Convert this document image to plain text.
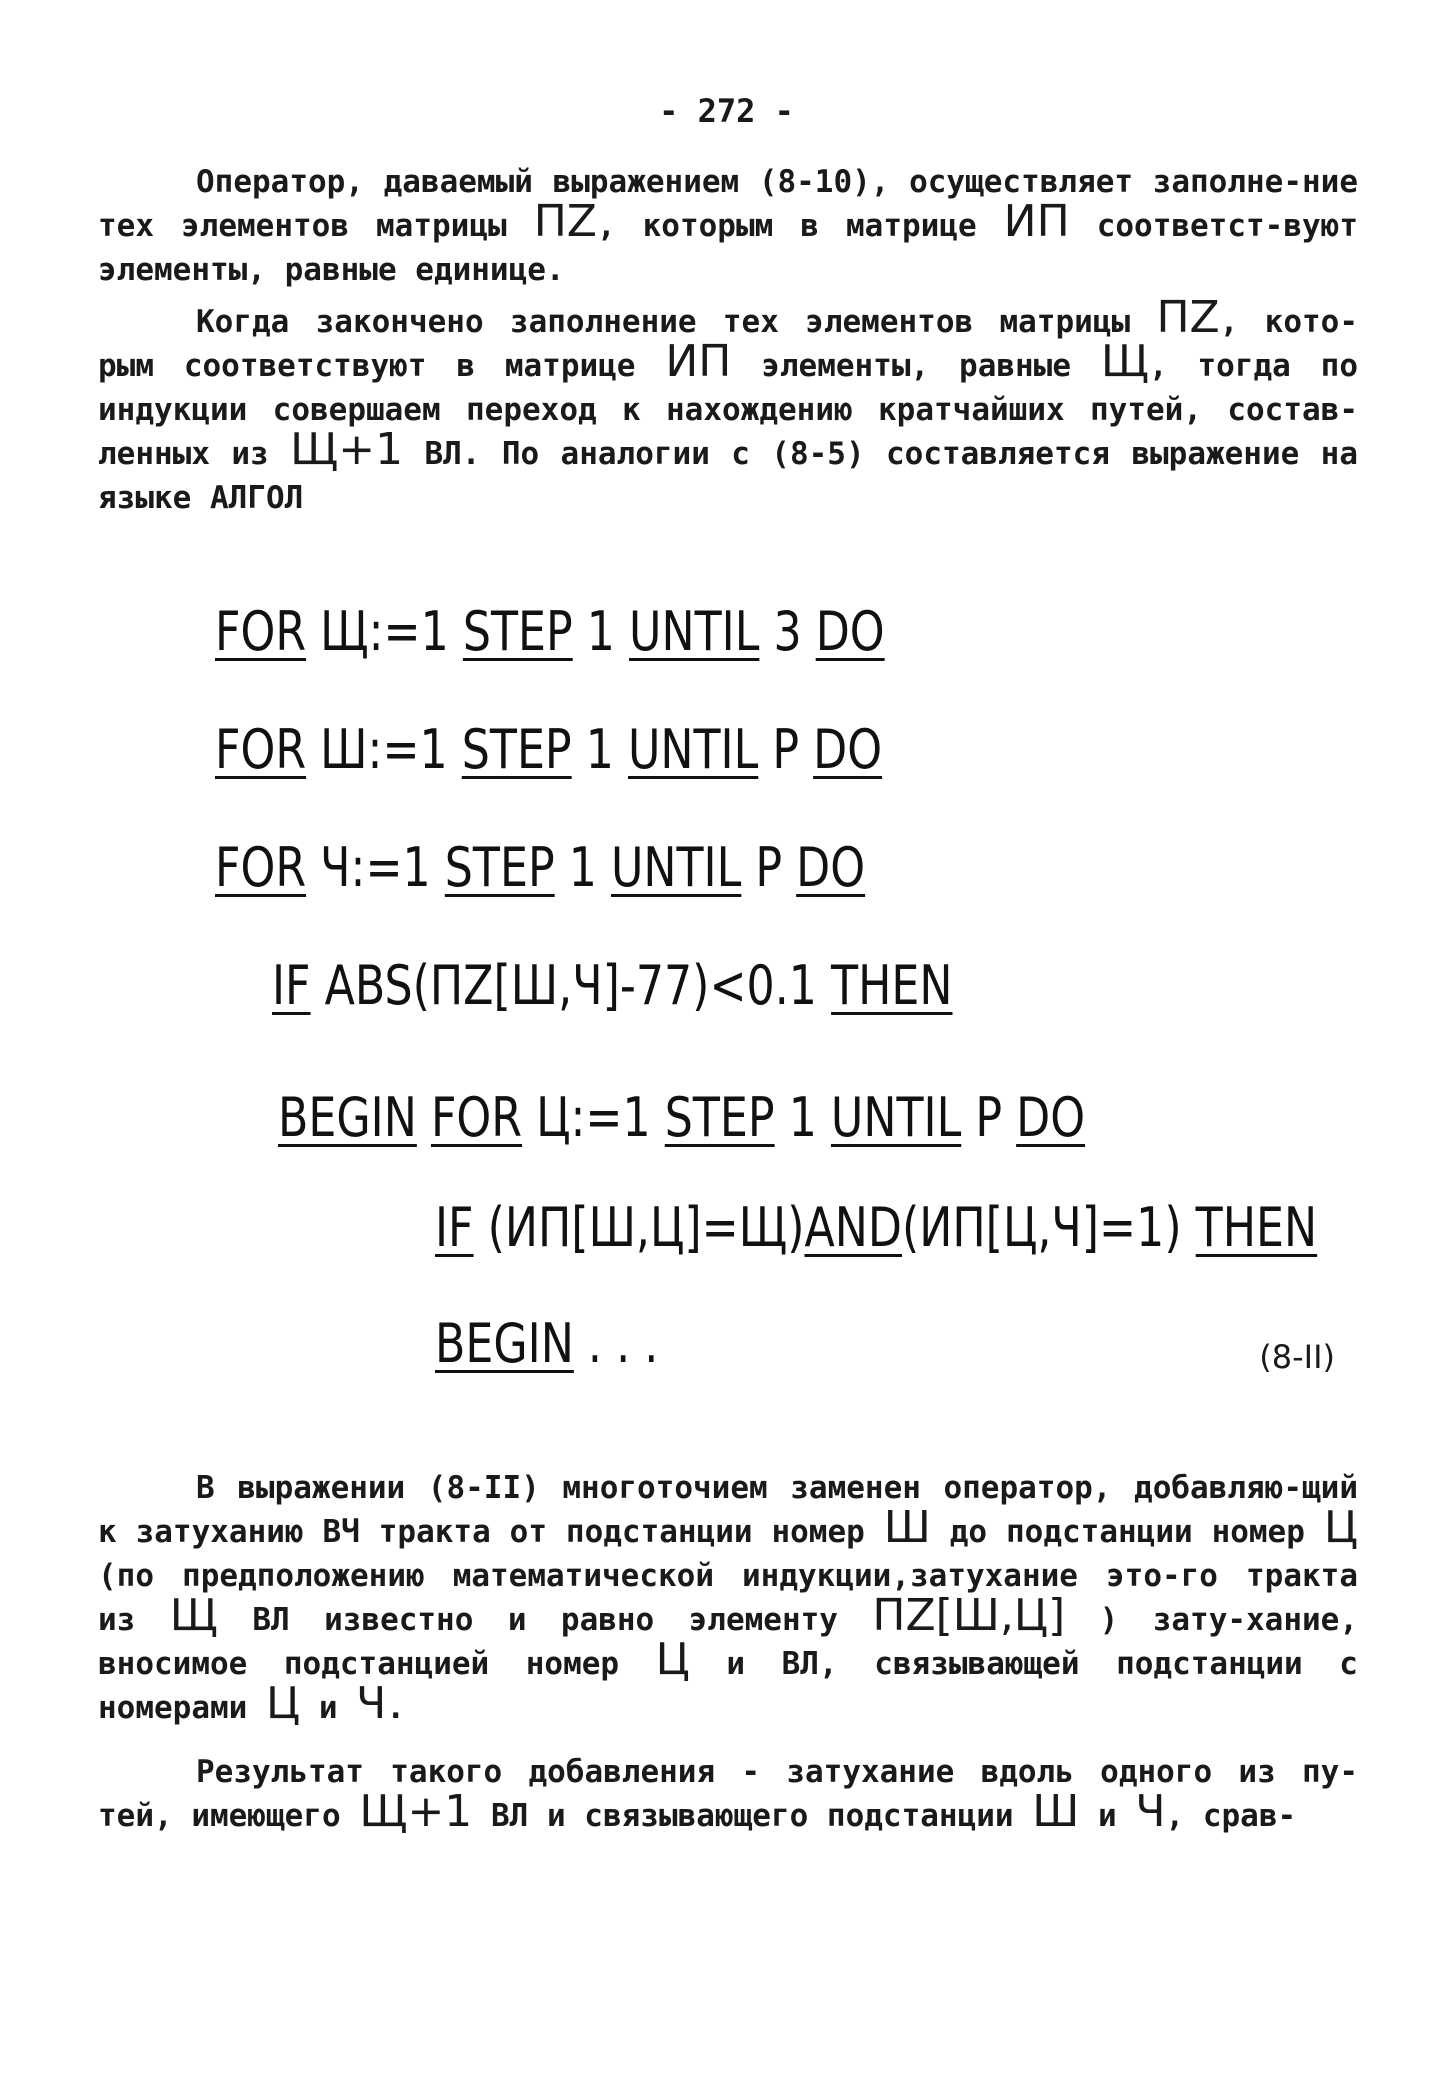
- 272 -

Оператор, даваемый выражением (8-10), осуществляет заполне-ние тех элементов матрицы ПZ, которым в матрице ИП соответст-вуют элементы, равные единице.

Когда закончено заполнение тех элементов матрицы ПZ, кото-рым соответствуют в матрице ИП элементы, равные Щ, тогда по индукции совершаем переход к нахождению кратчайших путей, состав-ленных из Щ+1 ВЛ. По аналогии с (8-5) составляется выражение на языке АЛГОЛ

FOR Щ:=1 STEP 1 UNTIL 3 DO
FOR Ш:=1 STEP 1 UNTIL P DO
FOR Ч:=1 STEP 1 UNTIL P DO
IF ABS(ПZ[Ш,Ч]-77)<0.1 THEN
BEGIN FOR Ц:=1 STEP 1 UNTIL P DO
IF (ИП[Ш,Ц]=Щ)AND(ИП[Ц,Ч]=1) THEN
BEGIN . . .	(8-II)

В выражении (8-II) многоточием заменен оператор, добавляю-щий к затуханию ВЧ тракта от подстанции номер Ш до подстанции номер Ц (по предположению математической индукции,затухание это-го тракта из Щ ВЛ известно и равно элементу ПZ[Ш,Ц] ) зату-хание, вносимое подстанцией номер Ц и ВЛ, связывающей подстанции с номерами Ц и Ч.

Результат такого добавления - затухание вдоль одного из пу-тей, имеющего Щ+1 ВЛ и связывающего подстанции Ш и Ч, срав-
